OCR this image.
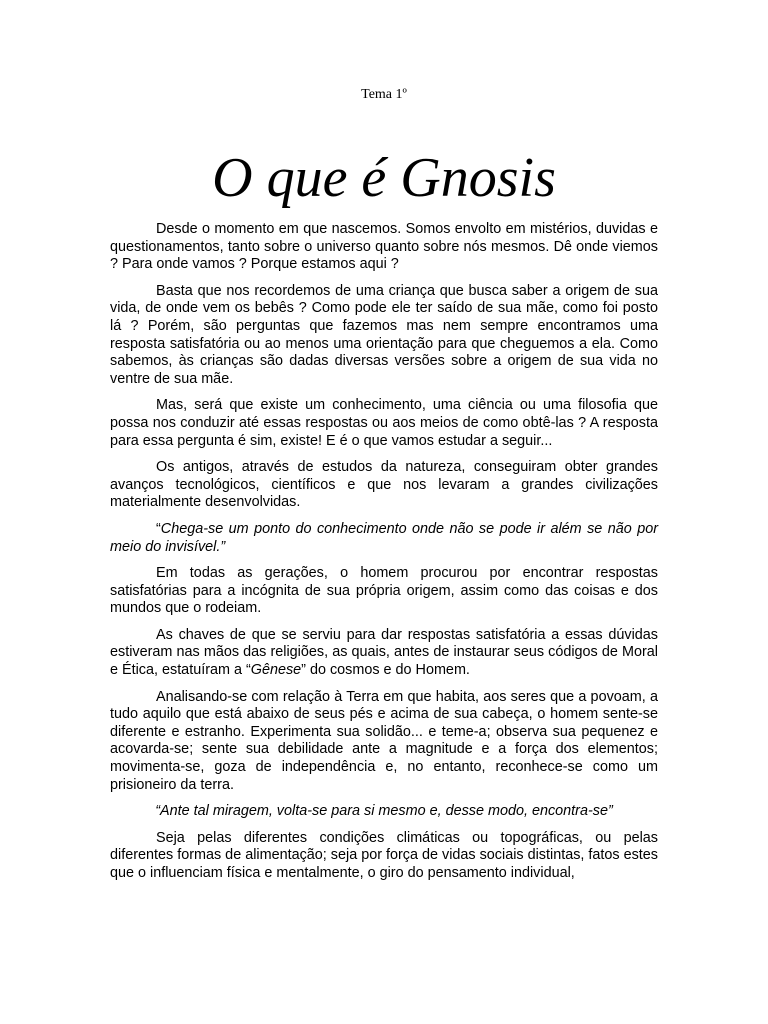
Tema 1º
O que é Gnosis

Desde o momento em que nascemos. Somos envolto em mistérios, duvidas e questionamentos, tanto sobre o universo quanto sobre nós mesmos. Dê onde viemos ? Para onde vamos ? Porque estamos aqui ?

Basta que nos recordemos de uma criança que busca saber a origem de sua vida, de onde vem os bebês ? Como pode ele ter saído de sua mãe, como foi posto lá ? Porém, são perguntas que fazemos mas nem sempre encontramos uma resposta satisfatória ou ao menos uma orientação para que cheguemos a ela. Como sabemos, às crianças são dadas diversas versões sobre a origem de sua vida no ventre de sua mãe.

Mas, será que existe um conhecimento, uma ciência ou uma filosofia que possa nos conduzir até essas respostas ou aos meios de como obtê-las ? A resposta para essa pergunta é sim, existe! E é o que vamos estudar a seguir...

Os antigos, através de estudos da natureza, conseguiram obter grandes avanços tecnológicos, científicos e que nos levaram a grandes civilizações materialmente desenvolvidas.

“Chega-se um ponto do conhecimento onde não se pode ir além se não por meio do invisível.”

Em todas as gerações, o homem procurou por encontrar respostas satisfatórias para a incógnita de sua própria origem, assim como das coisas e dos mundos que o rodeiam.

As chaves de que se serviu para dar respostas satisfatória a essas dúvidas estiveram nas mãos das religiões, as quais, antes de instaurar seus códigos de Moral e Ética, estatuíram a “Gênese” do cosmos e do Homem.

Analisando-se com relação à Terra em que habita, aos seres que a povoam, a tudo aquilo que está abaixo de seus pés e acima de sua cabeça, o homem sente-se diferente e estranho. Experimenta sua solidão... e teme-a; observa sua pequenez e acovarda-se; sente sua debilidade ante a magnitude e a força dos elementos; movimenta-se, goza de independência e, no entanto, reconhece-se como um prisioneiro da terra.

“Ante tal miragem, volta-se para si mesmo e, desse modo, encontra-se”

Seja pelas diferentes condições climáticas ou topográficas, ou pelas diferentes formas de alimentação; seja por força de vidas sociais distintas, fatos estes que o influenciam física e mentalmente, o giro do pensamento individual,
